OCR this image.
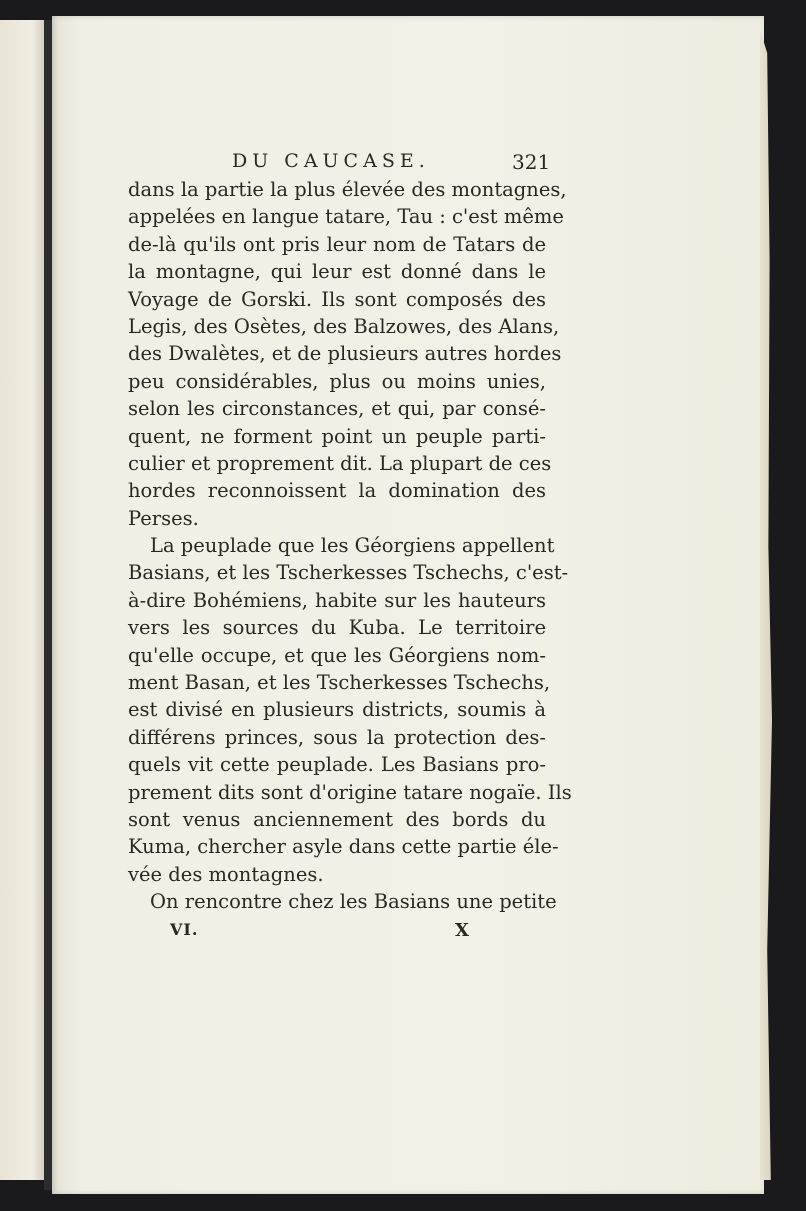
DU CAUCASE.	321
dans la partie la plus élevée des montagnes,
appelées en langue tatare, Tau : c'est même
de-là qu'ils ont pris leur nom de Tatars de
la montagne, qui leur est donné dans le
Voyage de Gorski. Ils sont composés des
Legis, des Osètes, des Balzowes, des Alans,
des Dwalètes, et de plusieurs autres hordes
peu considérables, plus ou moins unies,
selon les circonstances, et qui, par consé-
quent, ne forment point un peuple parti-
culier et proprement dit. La plupart de ces
hordes reconnoissent la domination des
Perses.
La peuplade que les Géorgiens appellent
Basians, et les Tscherkesses Tschechs, c'est-
à-dire Bohémiens, habite sur les hauteurs
vers les sources du Kuba. Le territoire
qu'elle occupe, et que les Géorgiens nom-
ment Basan, et les Tscherkesses Tschechs,
est divisé en plusieurs districts, soumis à
différens princes, sous la protection des-
quels vit cette peuplade. Les Basians pro-
prement dits sont d'origine tatare nogaïe. Ils
sont venus anciennement des bords du
Kuma, chercher asyle dans cette partie éle-
vée des montagnes.
On rencontre chez les Basians une petite
VI.	X
